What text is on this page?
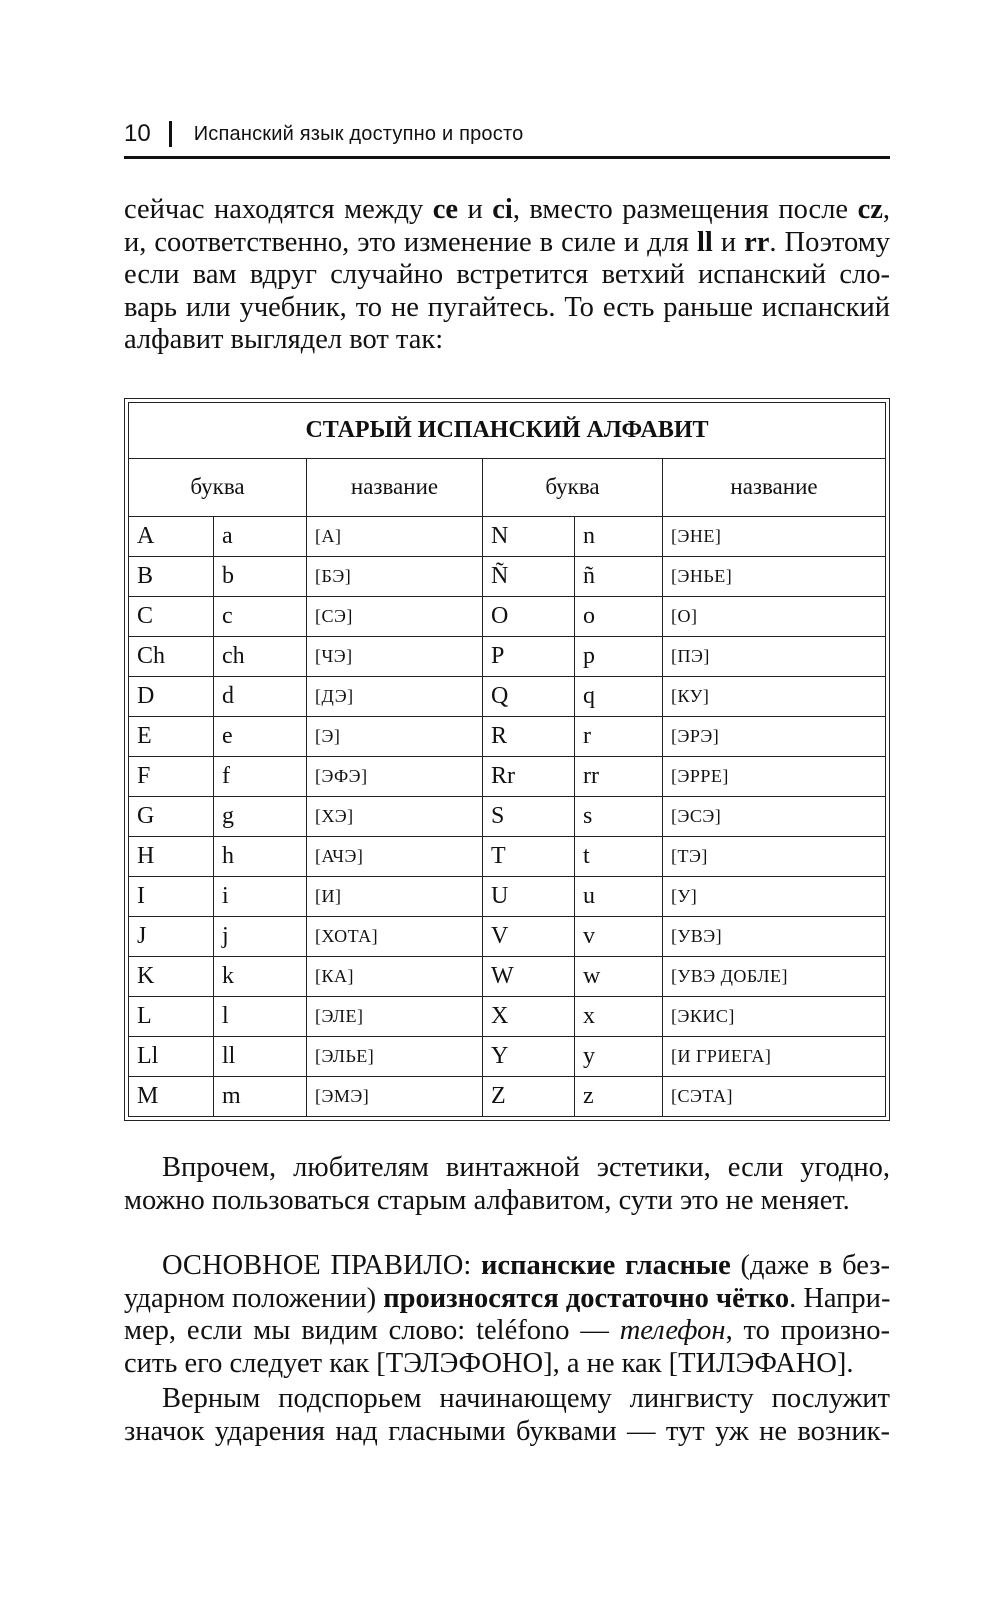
10 Испанский язык доступно и просто
сейчас находятся между ce и ci, вместо размещения после cz,
и, соответственно, это изменение в силе и для ll и rr. Поэтому
если вам вдруг случайно встретится ветхий испанский сло-
варь или учебник, то не пугайтесь. То есть раньше испанский
алфавит выглядел вот так:
СТАРЫЙ ИСПАНСКИЙ АЛФАВИТ					
буква		название	буква		название
A	a	[А]	N	n	[ЭНЕ]
B	b	[БЭ]	Ñ	ñ	[ЭНЬЕ]
C	c	[СЭ]	O	o	[О]
Ch	ch	[ЧЭ]	P	p	[ПЭ]
D	d	[ДЭ]	Q	q	[КУ]
E	e	[Э]	R	r	[ЭРЭ]
F	f	[ЭФЭ]	Rr	rr	[ЭРРЕ]
G	g	[ХЭ]	S	s	[ЭСЭ]
H	h	[АЧЭ]	T	t	[ТЭ]
I	i	[И]	U	u	[У]
J	j	[ХОТА]	V	v	[УВЭ]
K	k	[КА]	W	w	[УВЭ ДОБЛЕ]
L	l	[ЭЛЕ]	X	x	[ЭКИС]
Ll	ll	[ЭЛЬЕ]	Y	y	[И ГРИЕГА]
M	m	[ЭМЭ]	Z	z	[СЭТА]
Впрочем, любителям винтажной эстетики, если угодно,
можно пользоваться старым алфавитом, сути это не меняет.
ОСНОВНОЕ ПРАВИЛО: испанские гласные (даже в без-
ударном положении) произносятся достаточно чётко. Напри-
мер, если мы видим слово: teléfono — телефон, то произно-
сить его следует как [ТЭЛЭФОНО], а не как [ТИЛЭФАНО].
Верным подспорьем начинающему лингвисту послужит
значок ударения над гласными буквами — тут уж не возник-
